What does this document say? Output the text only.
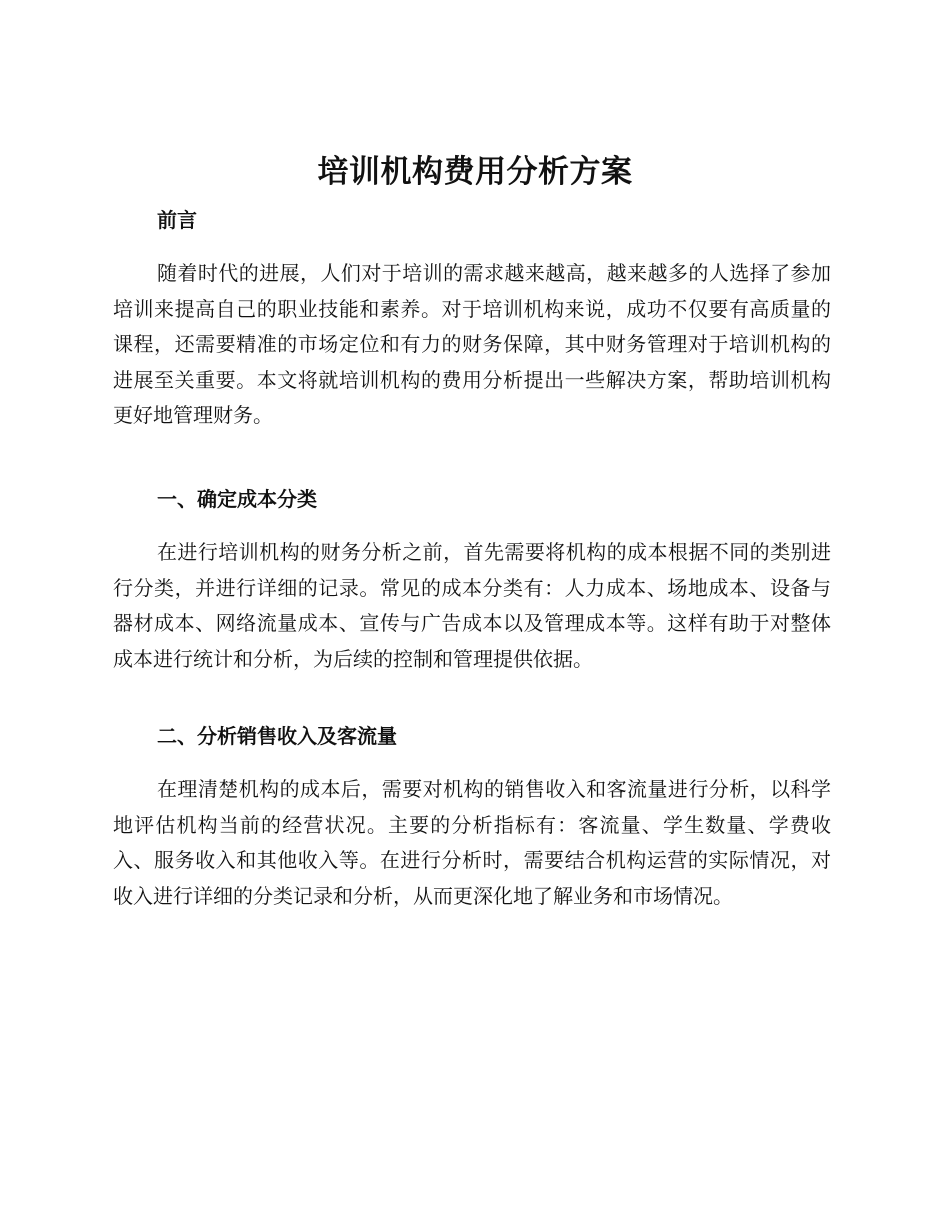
培训机构费用分析方案
前言

随着时代的进展，人们对于培训的需求越来越高，越来越多的人选择了参加培训来提高自己的职业技能和素养。对于培训机构来说，成功不仅要有高质量的课程，还需要精准的市场定位和有力的财务保障，其中财务管理对于培训机构的进展至关重要。本文将就培训机构的费用分析提出一些解决方案，帮助培训机构更好地管理财务。

一、确定成本分类

在进行培训机构的财务分析之前，首先需要将机构的成本根据不同的类别进行分类，并进行详细的记录。常见的成本分类有：人力成本、场地成本、设备与器材成本、网络流量成本、宣传与广告成本以及管理成本等。这样有助于对整体成本进行统计和分析，为后续的控制和管理提供依据。

二、分析销售收入及客流量

在理清楚机构的成本后，需要对机构的销售收入和客流量进行分析，以科学地评估机构当前的经营状况。主要的分析指标有：客流量、学生数量、学费收入、服务收入和其他收入等。在进行分析时，需要结合机构运营的实际情况，对收入进行详细的分类记录和分析，从而更深化地了解业务和市场情况。
